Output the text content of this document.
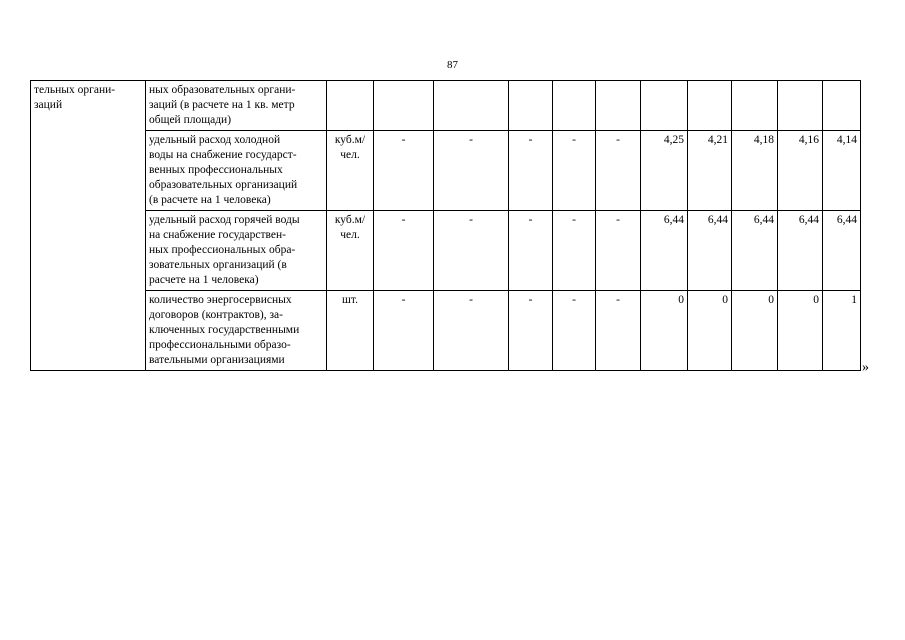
87
тельных органи-
заций	ных образовательных органи-
заций (в расчете на 1 кв. метр
общей площади)											
	удельный расход холодной
воды на снабжение государст-
венных профессиональных
образовательных организаций
(в расчете на 1 человека)	куб.м/
чел.	-	-	-	-	-	4,25	4,21	4,18	4,16	4,14
	удельный расход горячей воды
на снабжение государствен-
ных профессиональных обра-
зовательных организаций (в
расчете на 1 человека)	куб.м/
чел.	-	-	-	-	-	6,44	6,44	6,44	6,44	6,44
	количество энергосервисных
договоров (контрактов), за-
ключенных государственными
профессиональными образо-
вательными организациями	шт.	-	-	-	-	-	0	0	0	0	1
»
